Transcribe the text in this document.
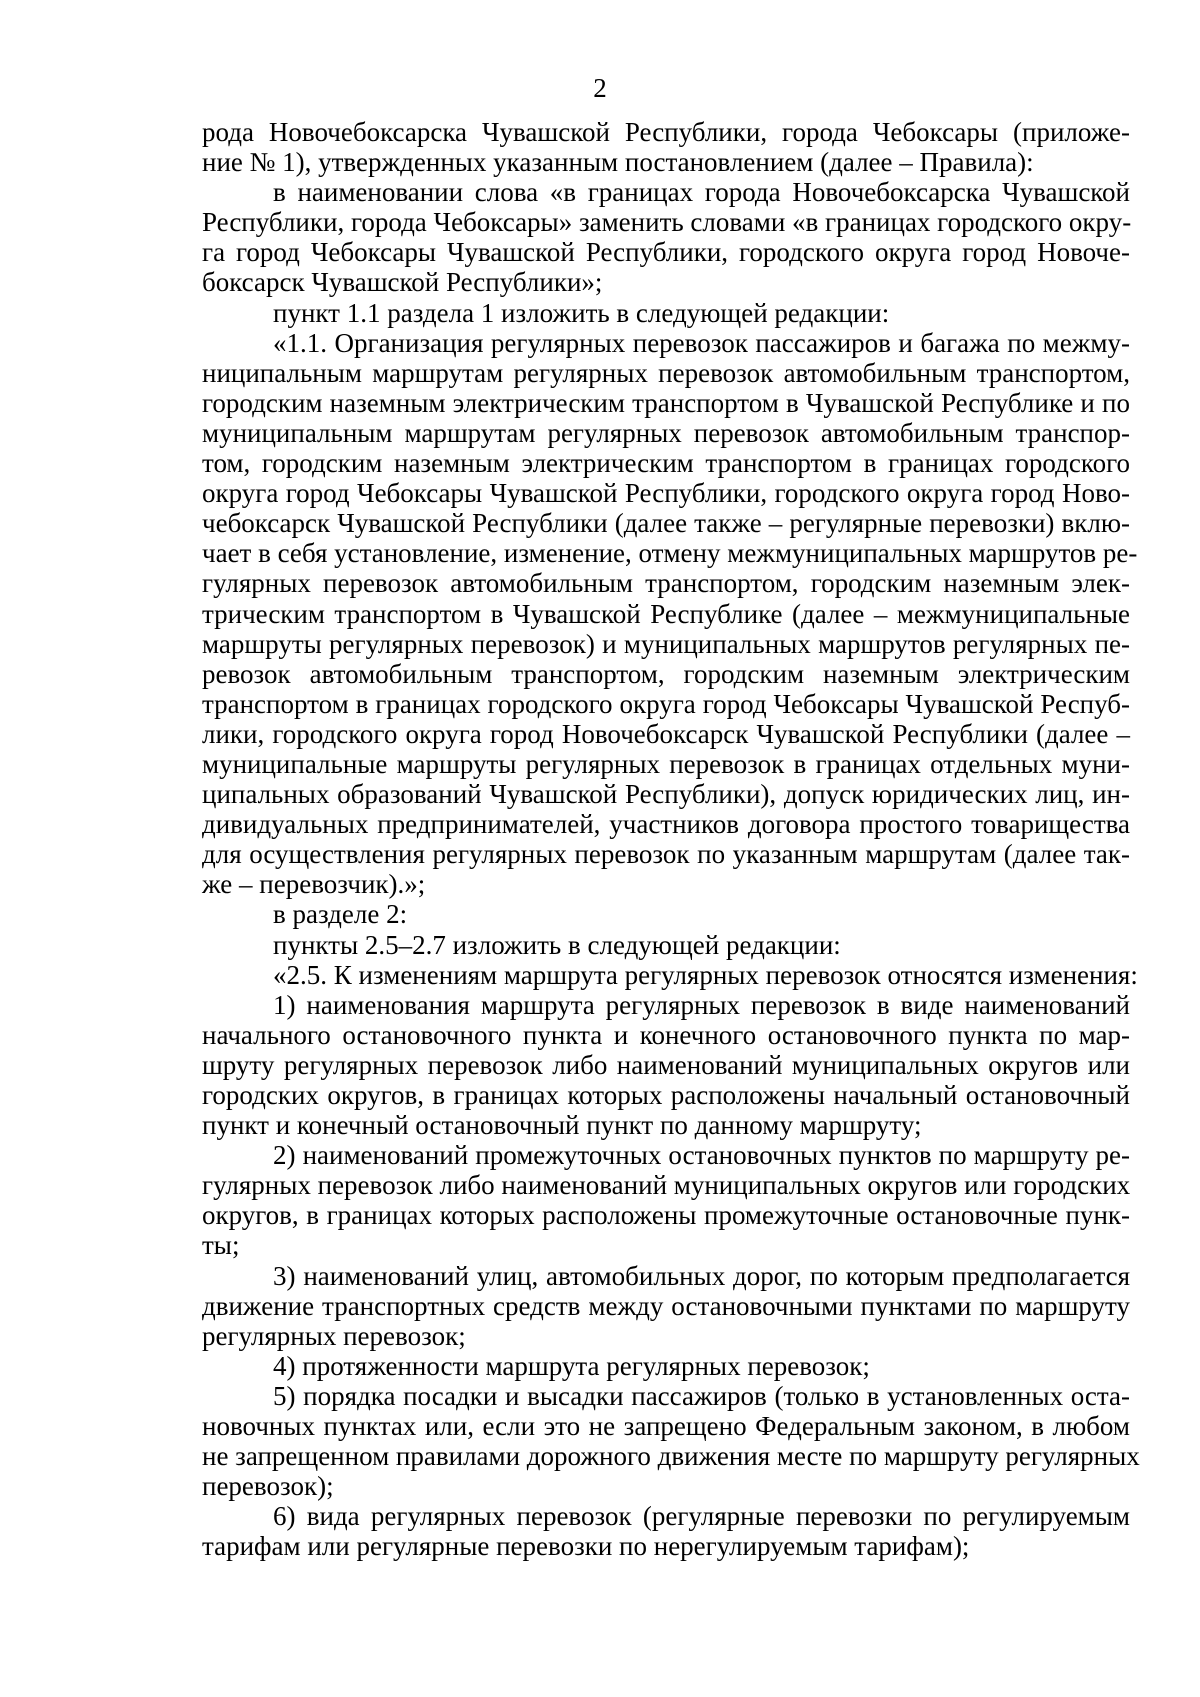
2
рода Новочебоксарска Чувашской Республики, города Чебоксары (приложе-
ние № 1), утвержденных указанным постановлением (далее – Правила):
в наименовании слова «в границах города Новочебоксарска Чувашской
Республики, города Чебоксары» заменить словами «в границах городского окру-
га город Чебоксары Чувашской Республики, городского округа город Новоче-
боксарск Чувашской Республики»;
пункт 1.1 раздела 1 изложить в следующей редакции:
«1.1. Организация регулярных перевозок пассажиров и багажа по межму-
ниципальным маршрутам регулярных перевозок автомобильным транспортом,
городским наземным электрическим транспортом в Чувашской Республике и по
муниципальным маршрутам регулярных перевозок автомобильным транспор-
том, городским наземным электрическим транспортом в границах городского
округа город Чебоксары Чувашской Республики, городского округа город Ново-
чебоксарск Чувашской Республики (далее также – регулярные перевозки) вклю-
чает в себя установление, изменение, отмену межмуниципальных маршрутов ре-
гулярных перевозок автомобильным транспортом, городским наземным элек-
трическим транспортом в Чувашской Республике (далее – межмуниципальные
маршруты регулярных перевозок) и муниципальных маршрутов регулярных пе-
ревозок автомобильным транспортом, городским наземным электрическим
транспортом в границах городского округа город Чебоксары Чувашской Респуб-
лики, городского округа город Новочебоксарск Чувашской Республики (далее –
муниципальные маршруты регулярных перевозок в границах отдельных муни-
ципальных образований Чувашской Республики), допуск юридических лиц, ин-
дивидуальных предпринимателей, участников договора простого товарищества
для осуществления регулярных перевозок по указанным маршрутам (далее так-
же – перевозчик).»;
в разделе 2:
пункты 2.5–2.7 изложить в следующей редакции:
«2.5. К изменениям маршрута регулярных перевозок относятся изменения:
1) наименования маршрута регулярных перевозок в виде наименований
начального остановочного пункта и конечного остановочного пункта по мар-
шруту регулярных перевозок либо наименований муниципальных округов или
городских округов, в границах которых расположены начальный остановочный
пункт и конечный остановочный пункт по данному маршруту;
2) наименований промежуточных остановочных пунктов по маршруту ре-
гулярных перевозок либо наименований муниципальных округов или городских
округов, в границах которых расположены промежуточные остановочные пунк-
ты;
3) наименований улиц, автомобильных дорог, по которым предполагается
движение транспортных средств между остановочными пунктами по маршруту
регулярных перевозок;
4) протяженности маршрута регулярных перевозок;
5) порядка посадки и высадки пассажиров (только в установленных оста-
новочных пунктах или, если это не запрещено Федеральным законом, в любом
не запрещенном правилами дорожного движения месте по маршруту регулярных
перевозок);
6) вида регулярных перевозок (регулярные перевозки по регулируемым
тарифам или регулярные перевозки по нерегулируемым тарифам);
